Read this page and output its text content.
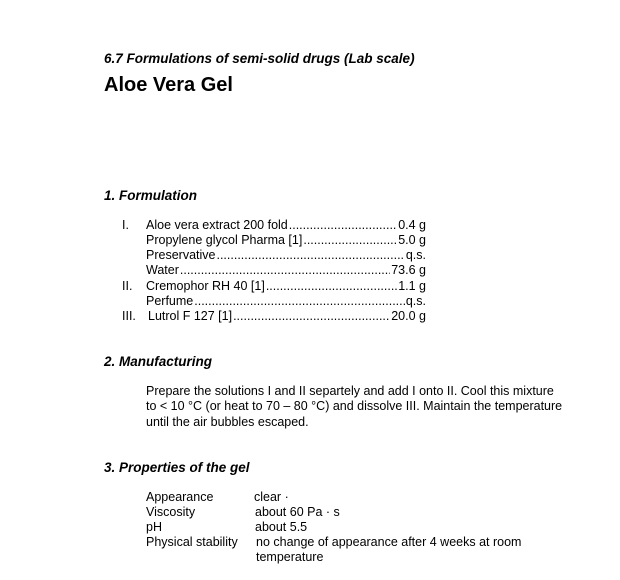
6.7 Formulations of semi-solid drugs (Lab scale)
Aloe Vera Gel
1. Formulation
I. Aloe vera extract 200 fold .....	0.4 g
Propylene glycol Pharma [1] .....	5.0 g
Preservative .....	q.s.
Water .....	73.6 g
II. Cremophor RH 40 [1] .....	1.1 g
Perfume .....	q.s.
III. Lutrol F 127 [1] .....	20.0 g
2. Manufacturing
Prepare the solutions I and II separtely and add I onto II. Cool this mixture to < 10 °C (or heat to 70 – 80 °C) and dissolve III. Maintain the temperature until the air bubbles escaped.
3. Properties of the gel
Appearance	clear ·
Viscosity	about 60 Pa · s
pH	about 5.5
Physical stability no change of appearance after 4 weeks at room
temperature
